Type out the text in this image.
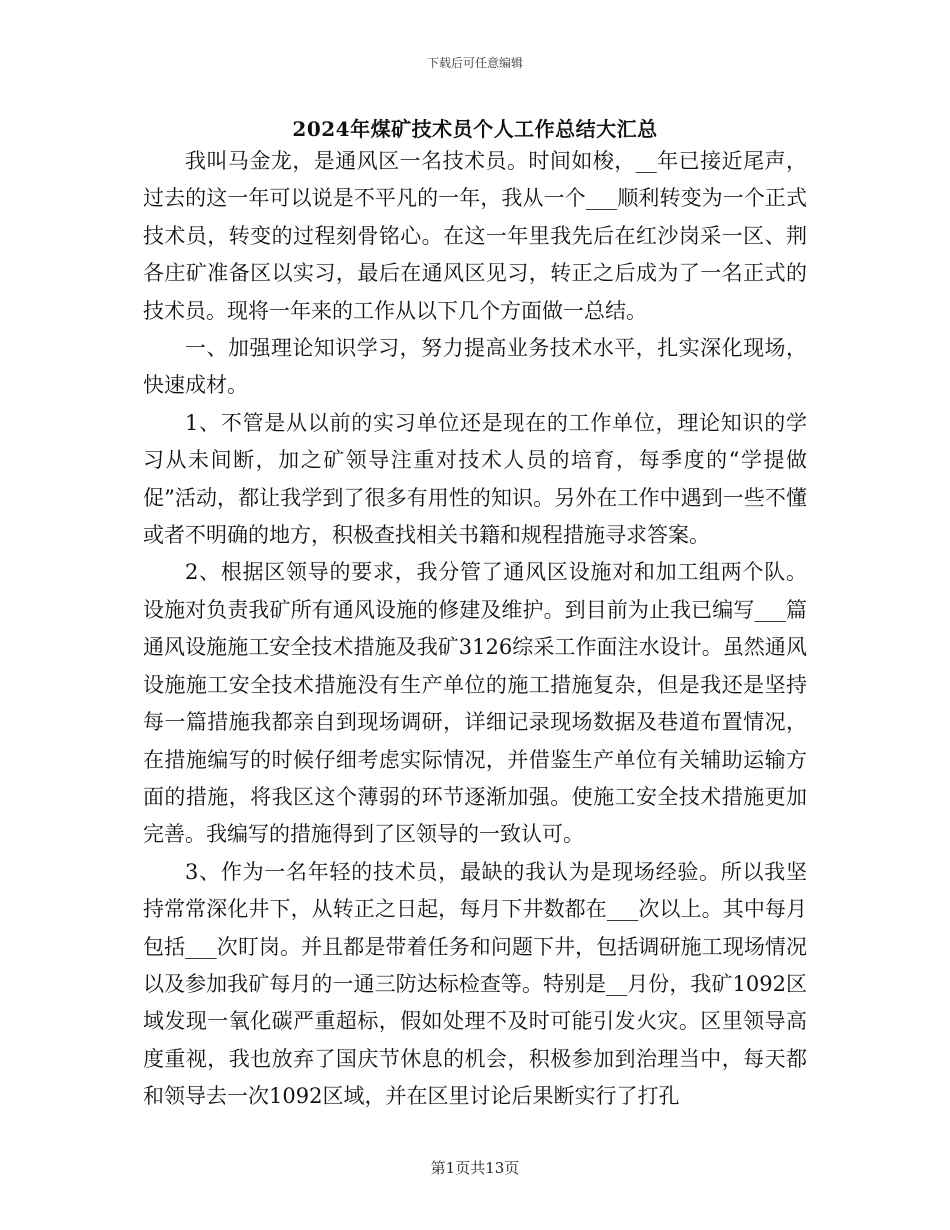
下载后可任意编辑
2024年煤矿技术员个人工作总结大汇总

我叫马金龙，是通风区一名技术员。时间如梭，__年已接近尾声，过去的这一年可以说是不平凡的一年，我从一个___顺利转变为一个正式技术员，转变的过程刻骨铭心。在这一年里我先后在红沙岗采一区、荆各庄矿准备区以实习，最后在通风区见习，转正之后成为了一名正式的技术员。现将一年来的工作从以下几个方面做一总结。

一、加强理论知识学习，努力提高业务技术水平，扎实深化现场，快速成材。

1、不管是从以前的实习单位还是现在的工作单位，理论知识的学习从未间断，加之矿领导注重对技术人员的培育，每季度的“学提做促”活动，都让我学到了很多有用性的知识。另外在工作中遇到一些不懂或者不明确的地方，积极查找相关书籍和规程措施寻求答案。

2、根据区领导的要求，我分管了通风区设施对和加工组两个队。设施对负责我矿所有通风设施的修建及维护。到目前为止我已编写___篇通风设施施工安全技术措施及我矿3126综采工作面注水设计。虽然通风设施施工安全技术措施没有生产单位的施工措施复杂，但是我还是坚持每一篇措施我都亲自到现场调研，详细记录现场数据及巷道布置情况，在措施编写的时候仔细考虑实际情况，并借鉴生产单位有关辅助运输方面的措施，将我区这个薄弱的环节逐渐加强。使施工安全技术措施更加完善。我编写的措施得到了区领导的一致认可。

3、作为一名年轻的技术员，最缺的我认为是现场经验。所以我坚持常常深化井下，从转正之日起，每月下井数都在___次以上。其中每月包括___次盯岗。并且都是带着任务和问题下井，包括调研施工现场情况以及参加我矿每月的一通三防达标检查等。特别是__月份，我矿1092区域发现一氧化碳严重超标，假如处理不及时可能引发火灾。区里领导高度重视，我也放弃了国庆节休息的机会，积极参加到治理当中，每天都和领导去一次1092区域，并在区里讨论后果断实行了打孔

第1页共13页
